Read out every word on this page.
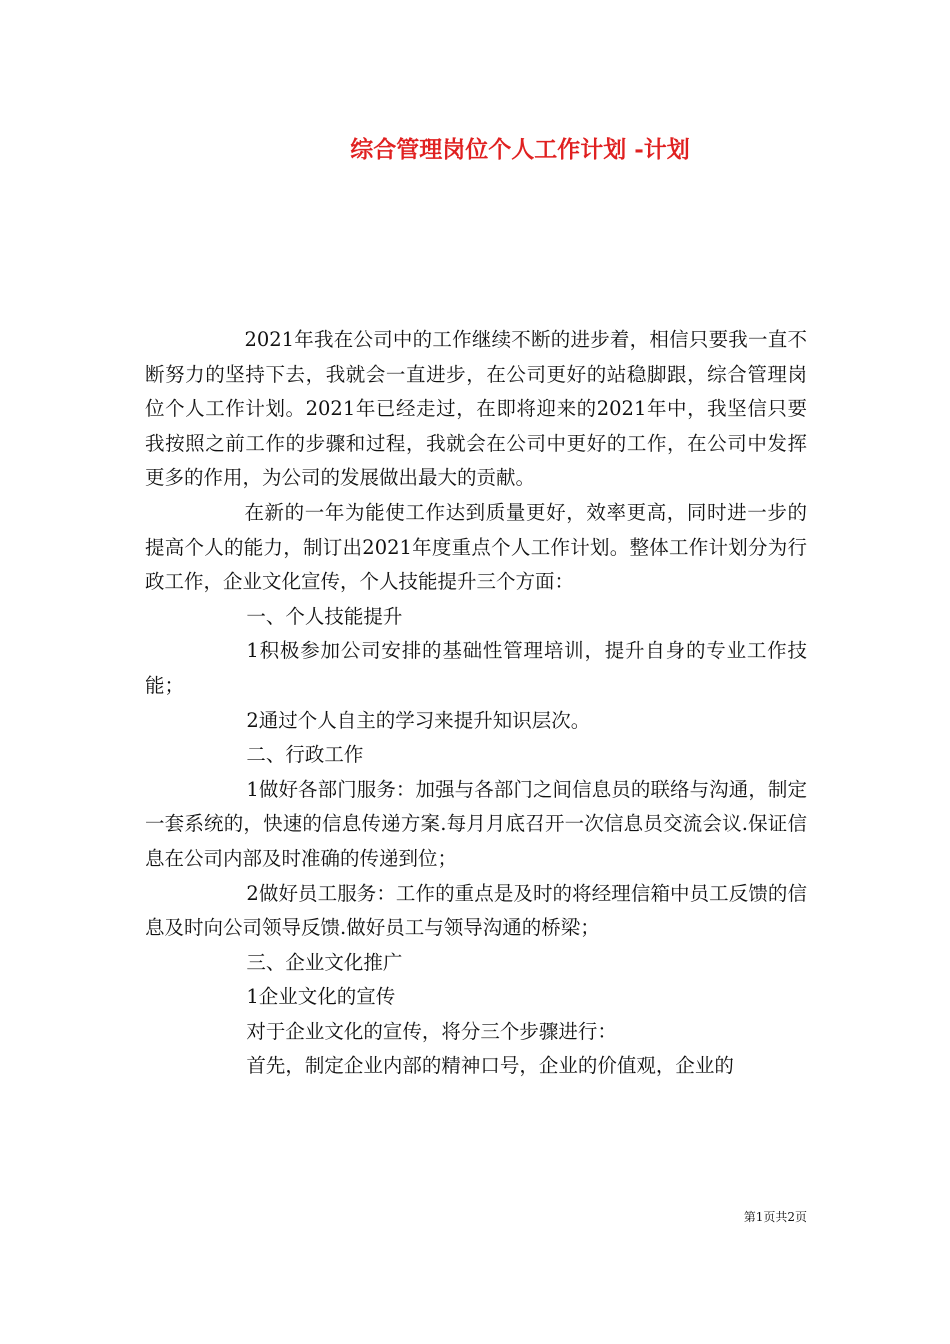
综合管理岗位个人工作计划 -计划

2021年我在公司中的工作继续不断的进步着，相信只要我一直不断努力的坚持下去，我就会一直进步，在公司更好的站稳脚跟，综合管理岗位个人工作计划。2021年已经走过，在即将迎来的2021年中，我坚信只要我按照之前工作的步骤和过程，我就会在公司中更好的工作，在公司中发挥更多的作用，为公司的发展做出最大的贡献。

在新的一年为能使工作达到质量更好，效率更高，同时进一步的提高个人的能力，制订出2021年度重点个人工作计划。整体工作计划分为行政工作，企业文化宣传，个人技能提升三个方面：

一、个人技能提升

1积极参加公司安排的基础性管理培训，提升自身的专业工作技能；

2通过个人自主的学习来提升知识层次。

二、行政工作

1做好各部门服务：加强与各部门之间信息员的联络与沟通，制定一套系统的，快速的信息传递方案.每月月底召开一次信息员交流会议.保证信息在公司内部及时准确的传递到位；

2做好员工服务：工作的重点是及时的将经理信箱中员工反馈的信息及时向公司领导反馈.做好员工与领导沟通的桥梁；

三、企业文化推广

1企业文化的宣传

对于企业文化的宣传，将分三个步骤进行：

首先，制定企业内部的精神口号，企业的价值观，企业的

第1页共2页
